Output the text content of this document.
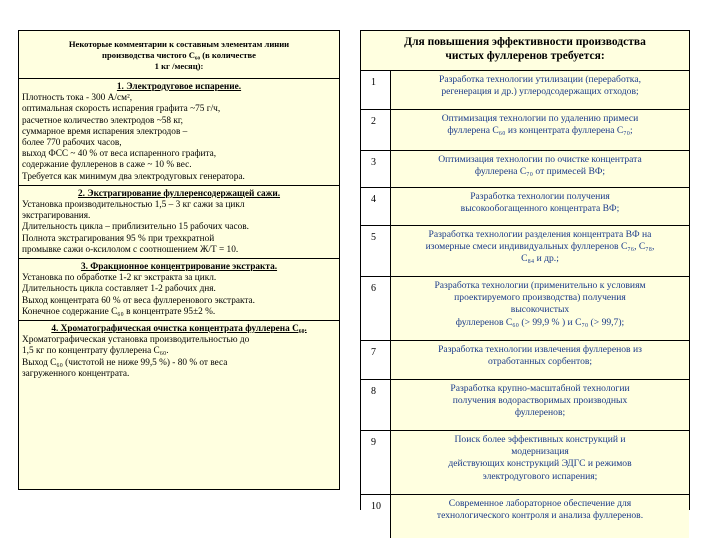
Некоторые комментарии к составным элементам линии
производства чистого C₆₀ (в количестве
1 кг /месяц):
1. Электродуговое испарение.
Плотность тока - 300 А/см²,
оптимальная скорость испарения графита ~75 г/ч,
расчетное количество электродов ~58 кг,
суммарное время испарения электродов –
более 770 рабочих часов,
выход ФСС ~ 40 % от веса испаренного графита,
содержание фуллеренов в саже ~ 10 % вес.
Требуется как минимум два электродуговых генератора.
2. Экстрагирование фуллеренсодержащей сажи.
Установка производительностью 1,5 – 3 кг сажи за цикл
экстрагирования.
Длительность цикла – приблизительно 15 рабочих часов.
Полнота экстрагирования 95 % при трехкратной
промывке сажи о-ксилолом с соотношением Ж/Т = 10.
3. Фракционное концентрирование экстракта.
Установка по обработке 1-2 кг экстракта за цикл.
Длительность цикла составляет 1-2 рабочих дня.
Выход концентрата 60 % от веса фуллеренового экстракта.
Конечное содержание C₆₀ в концентрате 95±2 %.
4. Хроматографическая очистка концентрата фуллерена C₆₀.
Хроматографическая установка производительностью до
1,5 кг по концентрату фуллерена C₆₀.
Выход C₆₀ (чистотой не ниже 99,5 %) - 80 % от веса
загруженного концентрата.
Для повышения эффективности производства
чистых фуллеренов требуется:
1	Разработка технологии утилизации (переработка,
регенерация и др.) углеродсодержащих отходов;
2	Оптимизация технологии по удалению примеси
фуллерена C₆₀ из концентрата фуллерена C₇₀;
3	Оптимизация технологии по очистке концентрата
фуллерена C₇₀ от примесей ВФ;
4	Разработка технологии получения
высокообогащенного концентрата ВФ;
5	Разработка технологии разделения концентрата ВФ на
изомерные смеси индивидуальных фуллеренов C₇₆, C₇₈,
C₈₄ и др.;
6	Разработка технологии (применительно к условиям
проектируемого производства) получения
высокочистых
фуллеренов C₆₀ (> 99,9 % ) и C₇₀ (> 99,7);
7	Разработка технологии извлечения фуллеренов из
отработанных сорбентов;
8	Разработка крупно-масштабной технологии
получения водорастворимых производных
фуллеренов;
9	Поиск более эффективных конструкций и
модернизация
действующих конструкций ЭДГС и режимов
электродугового испарения;
10	Современное лабораторное обеспечение для
технологического контроля и анализа фуллеренов.
